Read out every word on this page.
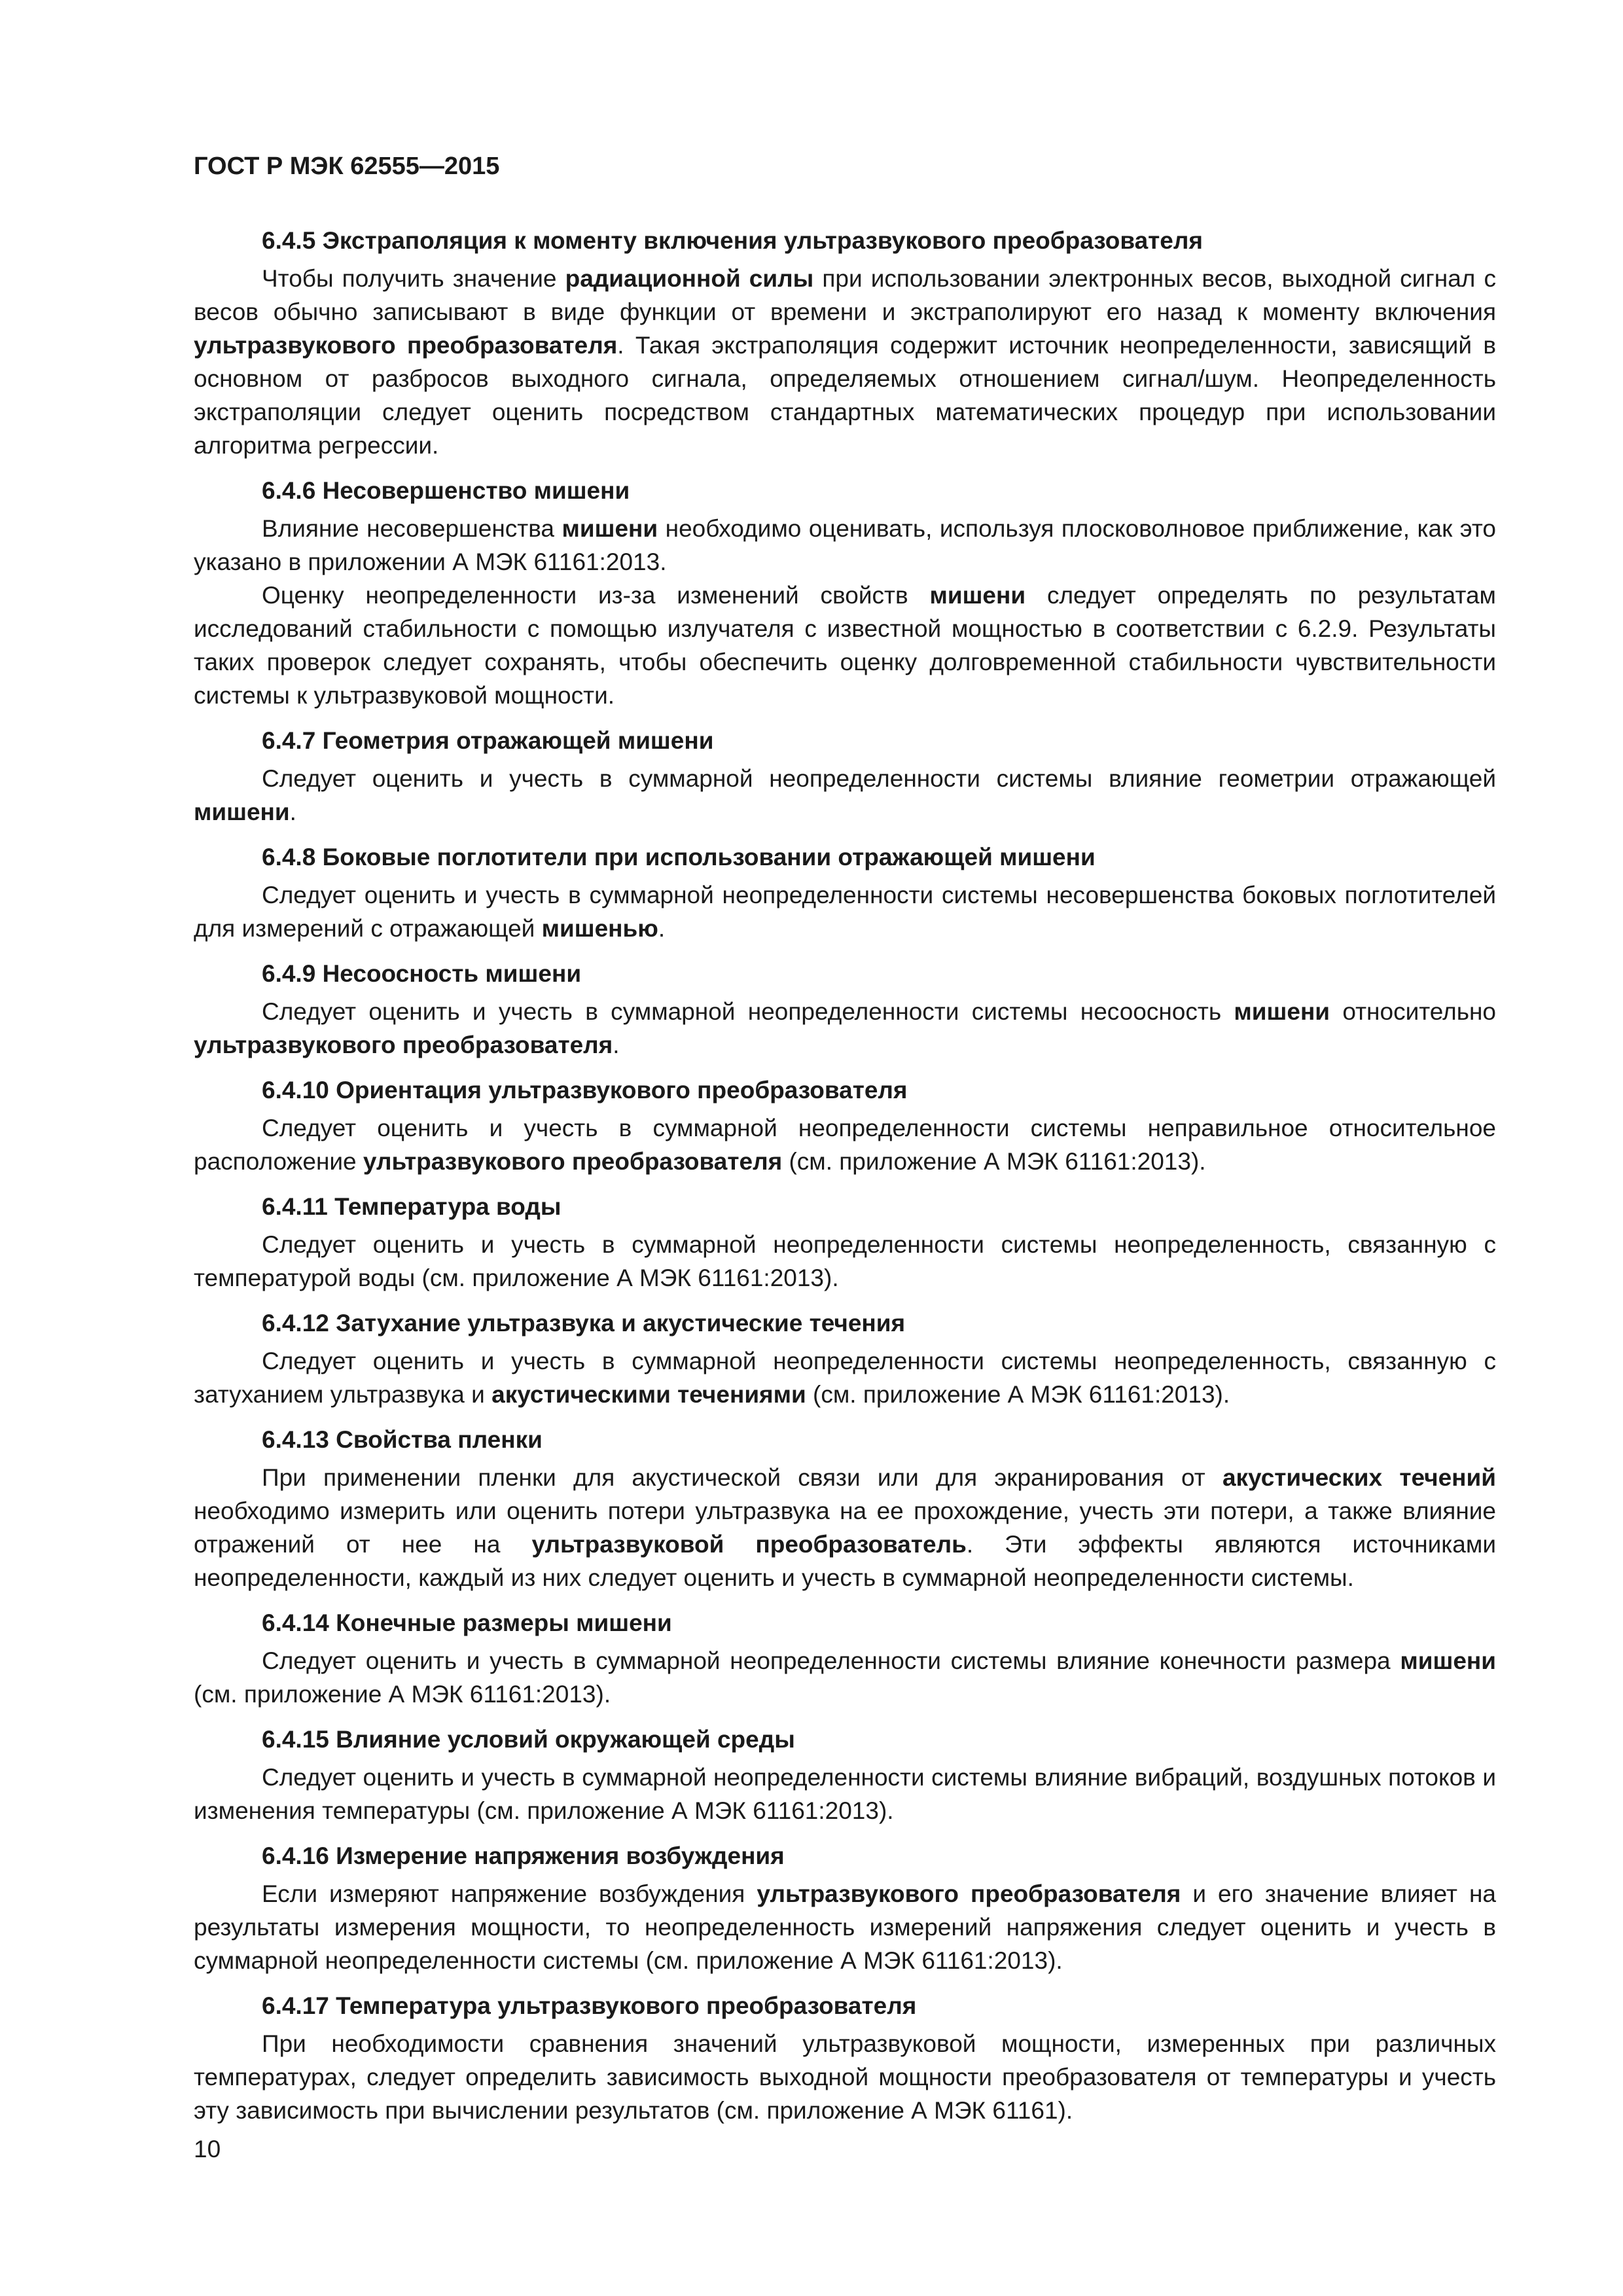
ГОСТ Р МЭК 62555—2015
6.4.5 Экстраполяция к моменту включения ультразвукового преобразователя
Чтобы получить значение радиационной силы при использовании электронных весов, выходной сигнал с весов обычно записывают в виде функции от времени и экстраполируют его назад к моменту включения ультразвукового преобразователя. Такая экстраполяция содержит источник неопределенности, зависящий в основном от разбросов выходного сигнала, определяемых отношением сигнал/шум. Неопределенность экстраполяции следует оценить посредством стандартных математических процедур при использовании алгоритма регрессии.
6.4.6 Несовершенство мишени
Влияние несовершенства мишени необходимо оценивать, используя плосковолновое приближение, как это указано в приложении А МЭК 61161:2013.
Оценку неопределенности из-за изменений свойств мишени следует определять по результатам исследований стабильности с помощью излучателя с известной мощностью в соответствии с 6.2.9. Результаты таких проверок следует сохранять, чтобы обеспечить оценку долговременной стабильности чувствительности системы к ультразвуковой мощности.
6.4.7 Геометрия отражающей мишени
Следует оценить и учесть в суммарной неопределенности системы влияние геометрии отражающей мишени.
6.4.8 Боковые поглотители при использовании отражающей мишени
Следует оценить и учесть в суммарной неопределенности системы несовершенства боковых поглотителей для измерений с отражающей мишенью.
6.4.9 Несоосность мишени
Следует оценить и учесть в суммарной неопределенности системы несоосность мишени относительно ультразвукового преобразователя.
6.4.10 Ориентация ультразвукового преобразователя
Следует оценить и учесть в суммарной неопределенности системы неправильное относительное расположение ультразвукового преобразователя (см. приложение А МЭК 61161:2013).
6.4.11 Температура воды
Следует оценить и учесть в суммарной неопределенности системы неопределенность, связанную с температурой воды (см. приложение А МЭК 61161:2013).
6.4.12 Затухание ультразвука и акустические течения
Следует оценить и учесть в суммарной неопределенности системы неопределенность, связанную с затуханием ультразвука и акустическими течениями (см. приложение А МЭК 61161:2013).
6.4.13 Свойства пленки
При применении пленки для акустической связи или для экранирования от акустических течений необходимо измерить или оценить потери ультразвука на ее прохождение, учесть эти потери, а также влияние отражений от нее на ультразвуковой преобразователь. Эти эффекты являются источниками неопределенности, каждый из них следует оценить и учесть в суммарной неопределенности системы.
6.4.14 Конечные размеры мишени
Следует оценить и учесть в суммарной неопределенности системы влияние конечности размера мишени (см. приложение А МЭК 61161:2013).
6.4.15 Влияние условий окружающей среды
Следует оценить и учесть в суммарной неопределенности системы влияние вибраций, воздушных потоков и изменения температуры (см. приложение А МЭК 61161:2013).
6.4.16 Измерение напряжения возбуждения
Если измеряют напряжение возбуждения ультразвукового преобразователя и его значение влияет на результаты измерения мощности, то неопределенность измерений напряжения следует оценить и учесть в суммарной неопределенности системы (см. приложение А МЭК 61161:2013).
6.4.17 Температура ультразвукового преобразователя
При необходимости сравнения значений ультразвуковой мощности, измеренных при различных температурах, следует определить зависимость выходной мощности преобразователя от температуры и учесть эту зависимость при вычислении результатов (см. приложение А МЭК 61161).
10
